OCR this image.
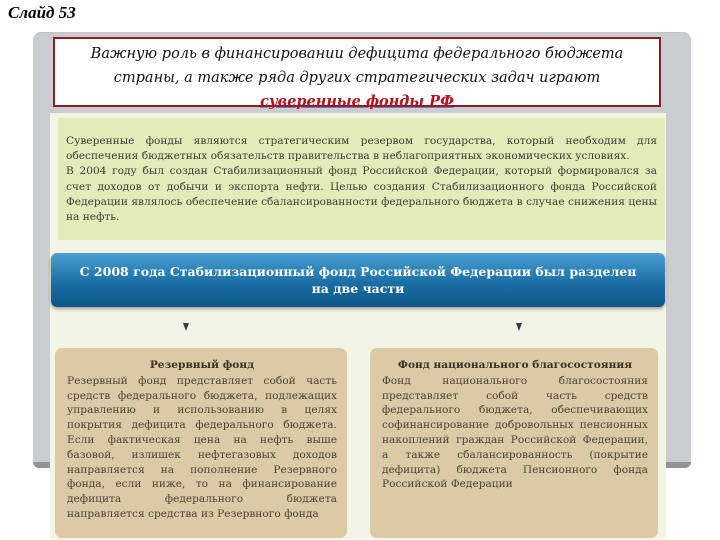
Слайд 53
Важную роль в финансировании дефицита федерального бюджета
страны, а также ряда других стратегических задач играют
суверенные фонды РФ

Суверенные фонды являются стратегическим резервом государства, который необходим для обеспечения бюджетных обязательств правительства в неблагоприятных экономических условиях.

В 2004 году был создан Стабилизационный фонд Российской Федерации, который формировался за счет доходов от добычи и экспорта нефти. Целью создания Стабилизационного фонда Российской Федерации являлось обеспечение сбалансированности федерального бюджета в случае снижения цены на нефть.

С 2008 года Стабилизационный фонд Российской Федерации был разделен
на две части
Резервный фонд

Резервный фонд представляет собой часть средств федерального бюджета, подлежащих управлению и использованию в целях покрытия дефицита федерального бюджета. Если фактическая цена на нефть выше базовой, излишек нефтегазовых доходов направляется на пополнение Резервного фонда, если ниже, то на финансирование дефицита федерального бюджета направляется средства из Резервного фонда

Фонд национального благосостояния

Фонд национального благосостояния представляет собой часть средств федерального бюджета, обеспечивающих софинансирование добровольных пенсионных накоплений граждан Российской Федерации, а также сбалансированность (покрытие дефицита) бюджета Пенсионного фонда Российской Федерации
